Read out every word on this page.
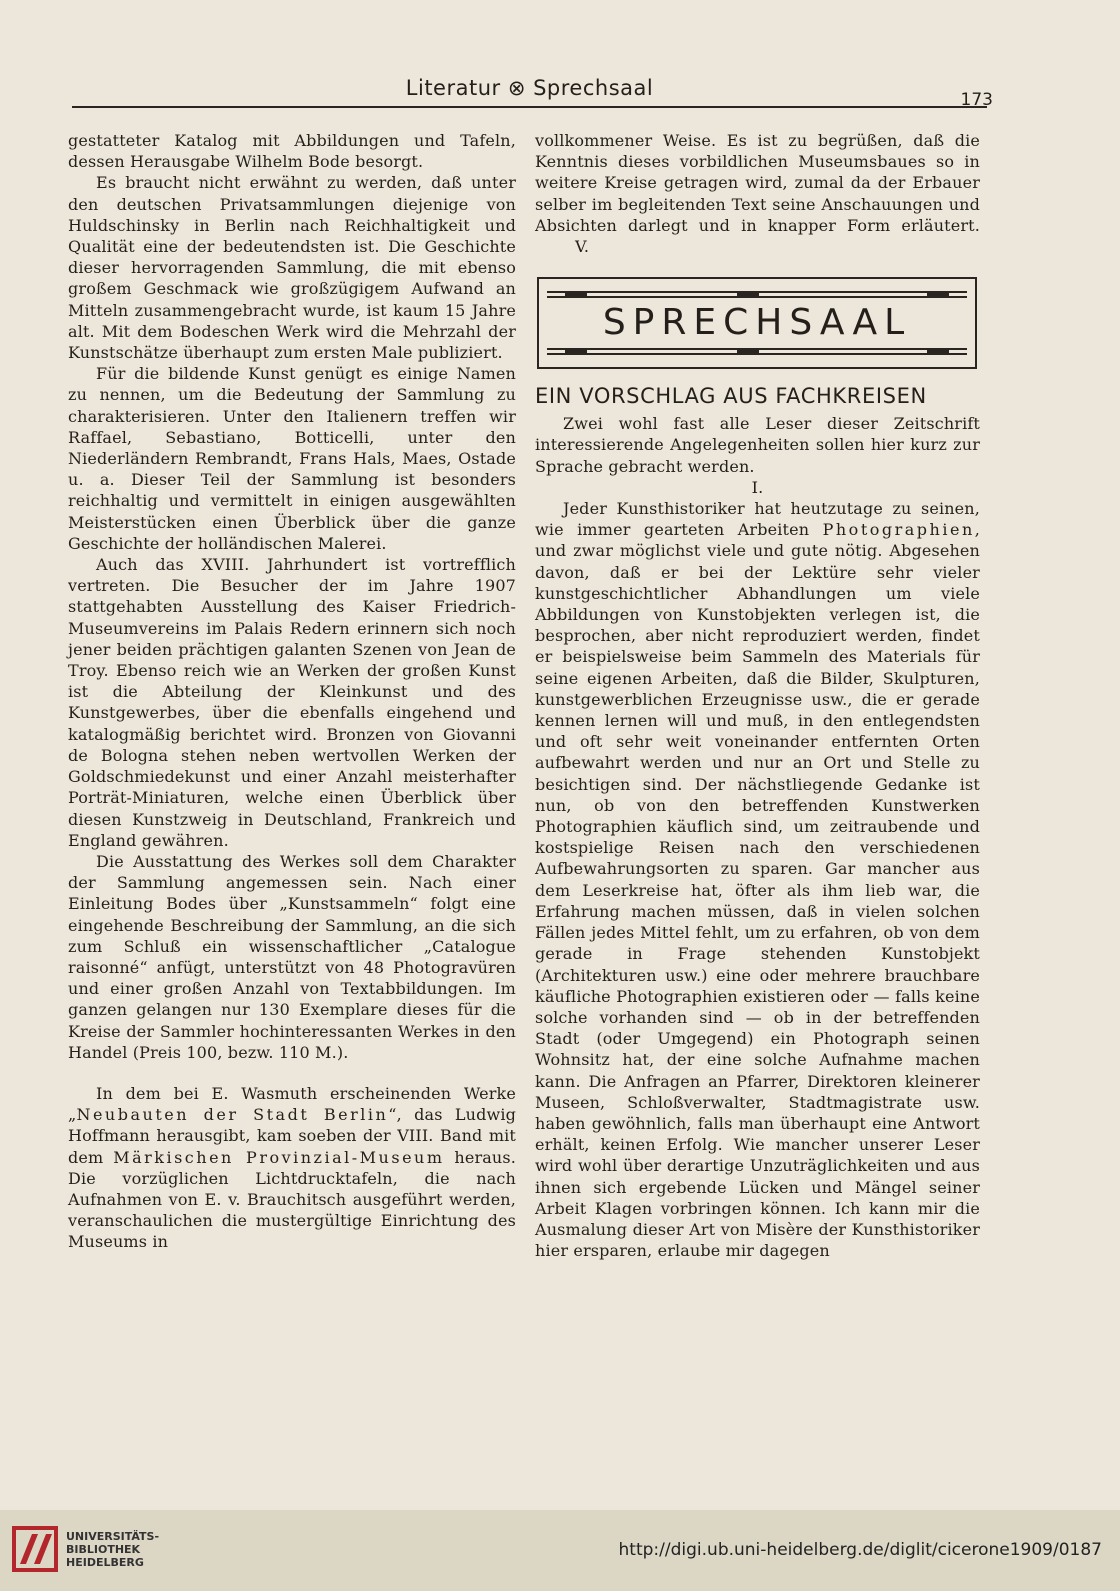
Literatur ⊗ Sprechsaal	173

gestatteter Katalog mit Abbildungen und Tafeln, dessen Herausgabe Wilhelm Bode besorgt.

Es braucht nicht erwähnt zu werden, daß unter den deutschen Privatsammlungen diejenige von Huldschinsky in Berlin nach Reichhaltigkeit und Qualität eine der bedeutendsten ist. Die Geschichte dieser hervorragenden Sammlung, die mit ebenso großem Geschmack wie großzügigem Aufwand an Mitteln zusammengebracht wurde, ist kaum 15 Jahre alt. Mit dem Bodeschen Werk wird die Mehrzahl der Kunstschätze überhaupt zum ersten Male publiziert.

Für die bildende Kunst genügt es einige Namen zu nennen, um die Bedeutung der Sammlung zu charakterisieren. Unter den Italienern treffen wir Raffael, Sebastiano, Botticelli, unter den Niederländern Rembrandt, Frans Hals, Maes, Ostade u. a. Dieser Teil der Sammlung ist besonders reichhaltig und vermittelt in einigen ausgewählten Meisterstücken einen Überblick über die ganze Geschichte der holländischen Malerei.

Auch das XVIII. Jahrhundert ist vortrefflich vertreten. Die Besucher der im Jahre 1907 stattgehabten Ausstellung des Kaiser Friedrich-Museumvereins im Palais Redern erinnern sich noch jener beiden prächtigen galanten Szenen von Jean de Troy. Ebenso reich wie an Werken der großen Kunst ist die Abteilung der Kleinkunst und des Kunstgewerbes, über die ebenfalls eingehend und katalogmäßig berichtet wird. Bronzen von Giovanni de Bologna stehen neben wertvollen Werken der Goldschmiedekunst und einer Anzahl meisterhafter Porträt-Miniaturen, welche einen Überblick über diesen Kunstzweig in Deutschland, Frankreich und England gewähren.

Die Ausstattung des Werkes soll dem Charakter der Sammlung angemessen sein. Nach einer Einleitung Bodes über „Kunstsammeln“ folgt eine eingehende Beschreibung der Sammlung, an die sich zum Schluß ein wissenschaftlicher „Catalogue raisonné“ anfügt, unterstützt von 48 Photogravüren und einer großen Anzahl von Textabbildungen. Im ganzen gelangen nur 130 Exemplare dieses für die Kreise der Sammler hochinteressanten Werkes in den Handel (Preis 100, bezw. 110 M.).

In dem bei E. Wasmuth erscheinenden Werke „Neubauten der Stadt Berlin“, das Ludwig Hoffmann herausgibt, kam soeben der VIII. Band mit dem Märkischen Provinzial-Museum heraus. Die vorzüglichen Lichtdrucktafeln, die nach Aufnahmen von E. v. Brauchitsch ausgeführt werden, veranschaulichen die mustergültige Einrichtung des Museums in

vollkommener Weise. Es ist zu begrüßen, daß die Kenntnis dieses vorbildlichen Museumsbaues so in weitere Kreise getragen wird, zumal da der Erbauer selber im begleitenden Text seine Anschauungen und Absichten darlegt und in knapper Form erläutert.V.

SPRECHSAAL
EIN VORSCHLAG AUS FACHKREISEN

Zwei wohl fast alle Leser dieser Zeitschrift interessierende Angelegenheiten sollen hier kurz zur Sprache gebracht werden.

I.

Jeder Kunsthistoriker hat heutzutage zu seinen, wie immer gearteten Arbeiten Photographien, und zwar möglichst viele und gute nötig. Abgesehen davon, daß er bei der Lektüre sehr vieler kunstgeschichtlicher Abhandlungen um viele Abbildungen von Kunstobjekten verlegen ist, die besprochen, aber nicht reproduziert werden, findet er beispielsweise beim Sammeln des Materials für seine eigenen Arbeiten, daß die Bilder, Skulpturen, kunstgewerblichen Erzeugnisse usw., die er gerade kennen lernen will und muß, in den entlegendsten und oft sehr weit voneinander entfernten Orten aufbewahrt werden und nur an Ort und Stelle zu besichtigen sind. Der nächstliegende Gedanke ist nun, ob von den betreffenden Kunstwerken Photographien käuflich sind, um zeitraubende und kostspielige Reisen nach den verschiedenen Aufbewahrungsorten zu sparen. Gar mancher aus dem Leserkreise hat, öfter als ihm lieb war, die Erfahrung machen müssen, daß in vielen solchen Fällen jedes Mittel fehlt, um zu erfahren, ob von dem gerade in Frage stehenden Kunstobjekt (Architekturen usw.) eine oder mehrere brauchbare käufliche Photographien existieren oder — falls keine solche vorhanden sind — ob in der betreffenden Stadt (oder Umgegend) ein Photograph seinen Wohnsitz hat, der eine solche Aufnahme machen kann. Die Anfragen an Pfarrer, Direktoren kleinerer Museen, Schloßverwalter, Stadtmagistrate usw. haben gewöhnlich, falls man überhaupt eine Antwort erhält, keinen Erfolg. Wie mancher unserer Leser wird wohl über derartige Unzuträglichkeiten und aus ihnen sich ergebende Lücken und Mängel seiner Arbeit Klagen vorbringen können. Ich kann mir die Ausmalung dieser Art von Misère der Kunsthistoriker hier ersparen, erlaube mir dagegen

UNIVERSITÄTS-
BIBLIOTHEK
HEIDELBERG
http://digi.ub.uni-heidelberg.de/diglit/cicerone1909/0187
